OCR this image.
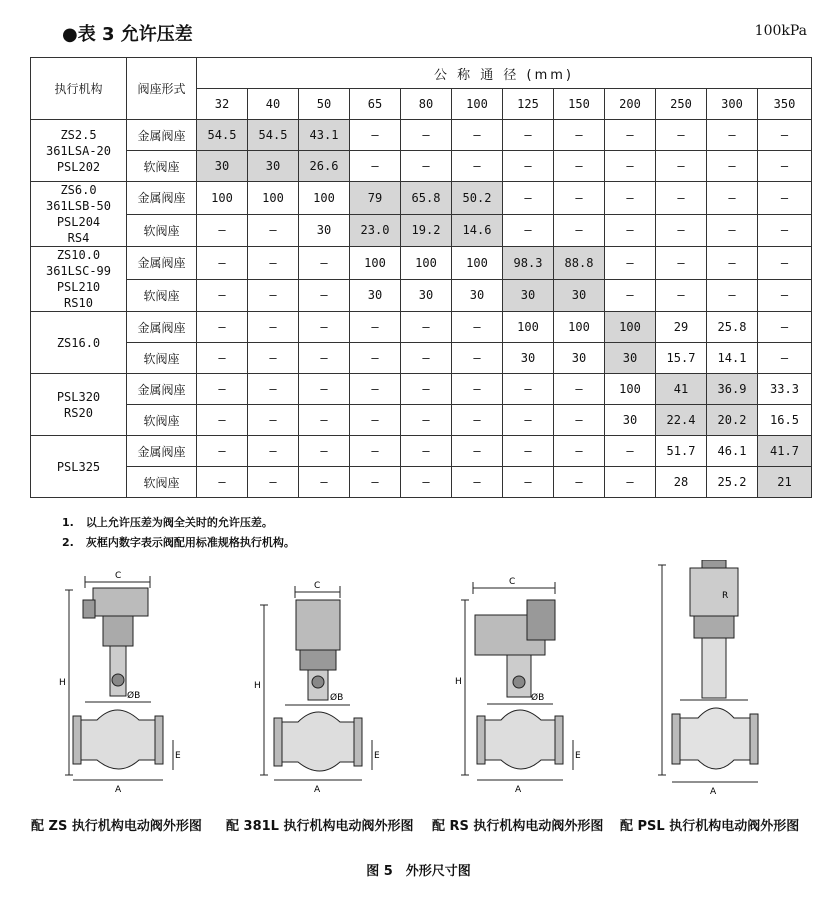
●表 3 允许压差	100kPa
执行机构	阀座形式	公 称 通 径 (mm)											
		32	40	50	65	80	100	125	150	200	250	300	350

ZS2.5
361LSA-20
PSL202	金属阀座	54.5	54.5	43.1	—	—	—	—	—	—	—	—	—
	软阀座	30	30	26.6	—	—	—	—	—	—	—	—	—

ZS6.0
361LSB-50
PSL204
RS4	金属阀座	100	100	100	79	65.8	50.2	—	—	—	—	—	—
	软阀座	—	—	30	23.0	19.2	14.6	—	—	—	—	—	—

ZS10.0
361LSC-99
PSL210
RS10	金属阀座	—	—	—	100	100	100	98.3	88.8	—	—	—	—
	软阀座	—	—	—	30	30	30	30	30	—	—	—	—

ZS16.0	金属阀座	—	—	—	—	—	—	100	100	100	29	25.8	—
	软阀座	—	—	—	—	—	—	30	30	30	15.7	14.1	—

PSL320
RS20	金属阀座	—	—	—	—	—	—	—	—	100	41	36.9	33.3
	软阀座	—	—	—	—	—	—	—	—	30	22.4	20.2	16.5

PSL325	金属阀座	—	—	—	—	—	—	—	—	—	51.7	46.1	41.7
	软阀座	—	—	—	—	—	—	—	—	—	28	25.2	21
1. 以上允许压差为阀全关时的允许压差。
2. 灰框内数字表示阀配用标准规格执行机构。
C
H
ØB
A
E
C
H
ØB
A
E
C
H
ØB
A
E
R
A
配 ZS 执行机构电动阀外形图 配 381L 执行机构电动阀外形图 配 RS 执行机构电动阀外形图 配 PSL 执行机构电动阀外形图
图 5　外形尺寸图
